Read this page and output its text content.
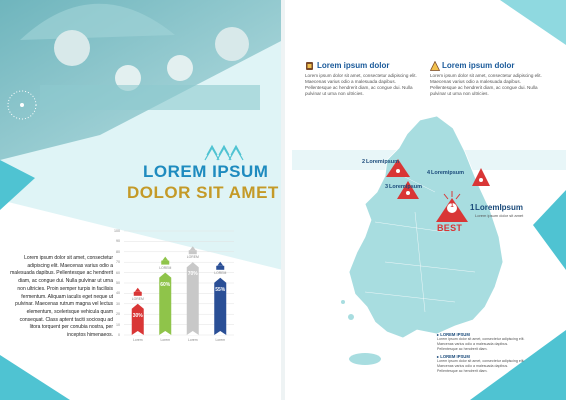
LOREM IPSUM
DOLOR SIT AMET
Lorem ipsum dolor sit amet, consectetur adipiscing elit. Maecenas varius odio a malesuada dapibus. Pellentesque ac hendrerit diam, ac congue dui. Nulla pulvinar ut urna non ultricies. Proin semper turpis in facilisis fermentum. Aliquam iaculis eget neque ut pulvinar. Maecenas rutrum magna vel lectus elementum, scelerisque vehicula quam consequat. Class aptent taciti sociosqu ad litora torquent per conubia nostra, per inceptos himenaeos.
100
90
80
70
60
50
40
30
20
10
0
30%
LOREM
Lorem
60%
LOREM
Lorem
70%
LOREM
Lorem
55%
LOREM
Lorem
Lorem ipsum dolor
Lorem ipsum dolor sit amet, consectetur adipiscing elit. Maecenas varius odio a malesuada dapibus. Pellentesque ac hendrerit diam, ac congue dui. Nulla pulvinar ut urna non ultricies.
Lorem ipsum dolor
Lorem ipsum dolor sit amet, consectetur adipiscing elit. Maecenas varius odio a malesuada dapibus. Pellentesque ac hendrerit diam, ac congue dui. Nulla pulvinar ut urna non ultricies.
2 Loremipsum
3 Loremipsum
4 Loremipsum
1
BEST
1 LoremIpsum
Lorem ipsum dolor sit amet
▸ LOREM IPSUM
Lorem ipsum dolor sit amet, consectetur adipiscing elit.
Maecenas varius odio a malesuada dapibus.
Pellentesque ac hendrerit diam.
▸ LOREM IPSUM
Lorem ipsum dolor sit amet, consectetur adipiscing elit.
Maecenas varius odio a malesuada dapibus.
Pellentesque ac hendrerit diam.
